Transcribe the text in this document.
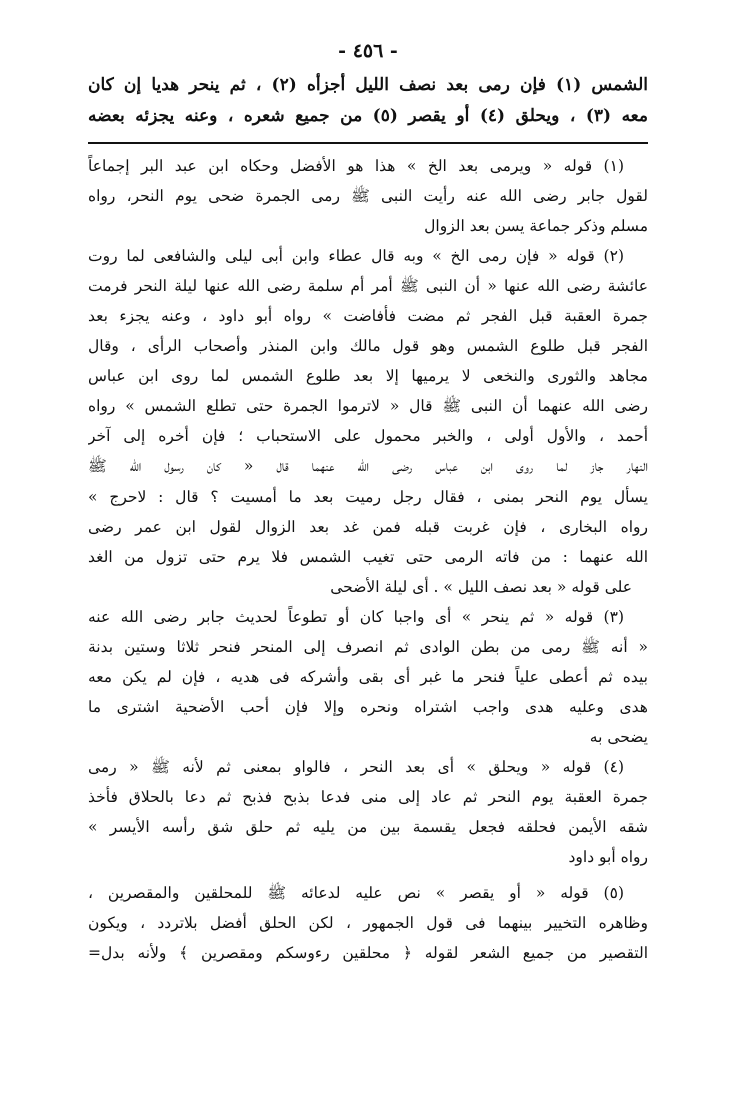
- ٤٥٦ -
الشمس (١) فإن رمى بعد نصف الليل أجزأه (٢) ، ثم ينحر هديا إن كان
معه (٣) ، ويحلق (٤) أو يقصر (٥) من جميع شعره ، وعنه يجزئه بعضه
(١) قوله « ويرمى بعد الخ » هذا هو الأفضل وحكاه ابن عبد البر إجماعاً
لقول جابر رضى الله عنه رأيت النبى ﷺ رمى الجمرة ضحى يوم النحر، رواه
مسلم وذكر جماعة يسن بعد الزوال
(٢) قوله « فإن رمى الخ » وبه قال عطاء وابن أبى ليلى والشافعى لما روت
عائشة رضى الله عنها « أن النبى ﷺ أمر أم سلمة رضى الله عنها ليلة النحر فرمت
جمرة العقبة قبل الفجر ثم مضت فأفاضت » رواه أبو داود ، وعنه يجزء بعد
الفجر قبل طلوع الشمس وهو قول مالك وابن المنذر وأصحاب الرأى ، وقال
مجاهد والثورى والنخعى لا يرميها إلا بعد طلوع الشمس لما روى ابن عباس
رضى الله عنهما أن النبى ﷺ قال « لاترموا الجمرة حتى تطلع الشمس » رواه
أحمد ، والأول أولى ، والخبر محمول على الاستحباب ؛ فإن أخره إلى آخر
النهار جاز لما روى ابن عباس رضى الله عنهما قال « كان رسول الله ﷺ
يسأل يوم النحر بمنى ، فقال رجل رميت بعد ما أمسيت ؟ قال : لاحرج »
رواه البخارى ، فإن غربت قبله فمن غد بعد الزوال لقول ابن عمر رضى
الله عنهما : من فاته الرمى حتى تغيب الشمس فلا يرم حتى تزول من الغد
على قوله « بعد نصف الليل » . أى ليلة الأضحى
(٣) قوله « ثم ينحر » أى واجبا كان أو تطوعاً لحديث جابر رضى الله عنه
« أنه ﷺ رمى من بطن الوادى ثم انصرف إلى المنحر فنحر ثلاثا وستين بدنة
بيده ثم أعطى علياً فنحر ما غبر أى بقى وأشركه فى هديه ، فإن لم يكن معه
هدى وعليه هدى واجب اشتراه ونحره وإلا فإن أحب الأضحية اشترى ما
يضحى به
(٤) قوله « ويحلق » أى بعد النحر ، فالواو بمعنى ثم لأنه ﷺ « رمى
جمرة العقبة يوم النحر ثم عاد إلى منى فدعا بذبح فذبح ثم دعا بالحلاق فأخذ
شقه الأيمن فحلقه فجعل يقسمة بين من يليه ثم حلق شق رأسه الأيسر »
رواه أبو داود
(٥) قوله « أو يقصر » نص عليه لدعائه ﷺ للمحلقين والمقصرين ،
وظاهره التخيير بينهما فى قول الجمهور ، لكن الحلق أفضل بلاتردد ، ويكون
التقصير من جميع الشعر لقوله ﴿ محلقين رءوسكم ومقصرين ﴾ ولأنه بدل=
